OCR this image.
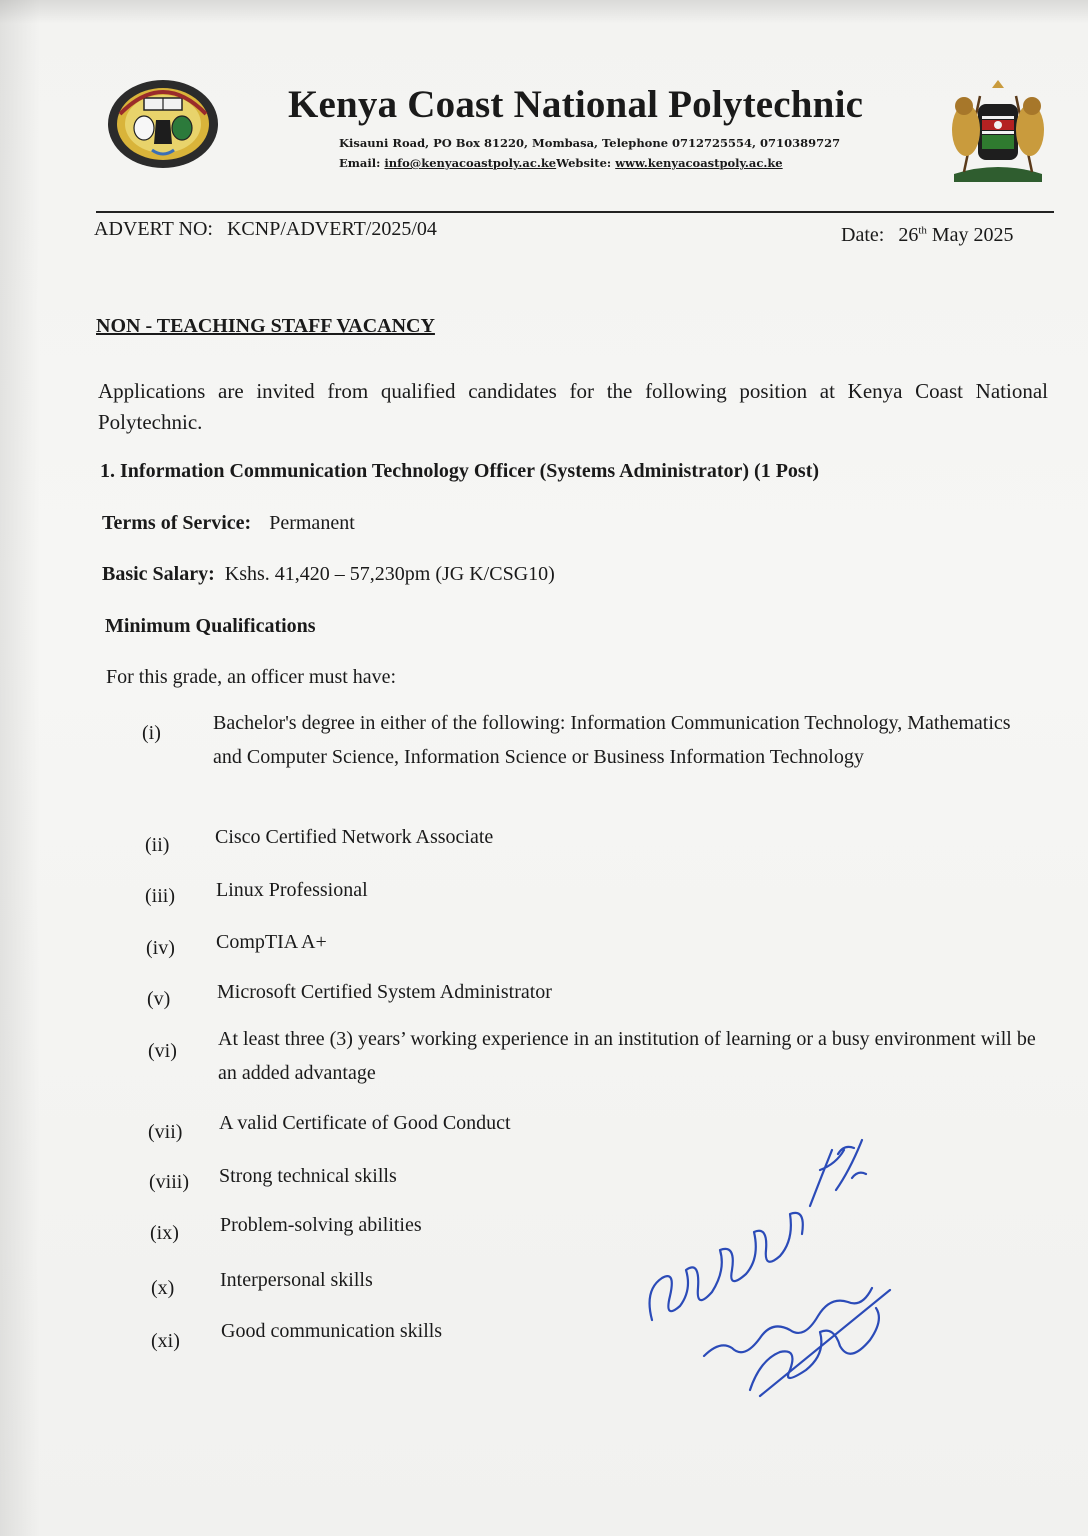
Kenya Coast National Polytechnic
Kisauni Road, PO Box 81220, Mombasa, Telephone 0712725554, 0710389727
Email: info@kenyacoastpoly.ac.keWebsite: www.kenyacoastpoly.ac.ke
ADVERT NO: KCNP/ADVERT/2025/04	Date: 26th May 2025
NON - TEACHING STAFF VACANCY
Applications are invited from qualified candidates for the following position at Kenya Coast National Polytechnic.
1. Information Communication Technology Officer (Systems Administrator) (1 Post)
Terms of Service: Permanent
Basic Salary: Kshs. 41,420 – 57,230pm (JG K/CSG10)
Minimum Qualifications
For this grade, an officer must have:
(i)	Bachelor's degree in either of the following: Information Communication Technology, Mathematics and Computer Science, Information Science or Business Information Technology
(ii) Cisco Certified Network Associate
(iii) Linux Professional
(iv) CompTIA A+
(v) Microsoft Certified System Administrator
(vi)
At least three (3) years’ working experience in an institution of learning or a busy environment will be an added advantage
(vii) A valid Certificate of Good Conduct
(viii) Strong technical skills
(ix) Problem-solving abilities
(x) Interpersonal skills
(xi) Good communication skills
